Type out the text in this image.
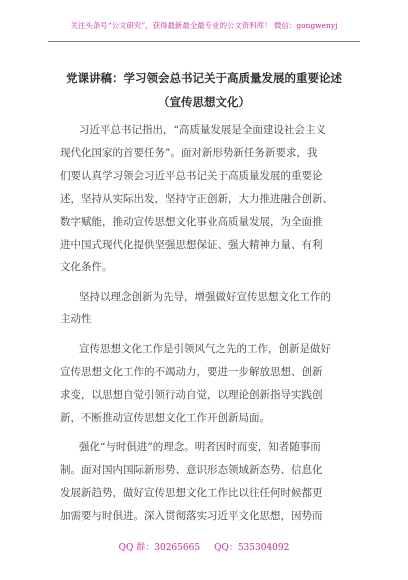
关注头条号“公文研究”，获得最新最全最专业的公文资料库！ 微信：gongwenyj
党课讲稿：学习领会总书记关于高质量发展的重要论述
（宣传思想文化）
习近平总书记指出，“高质量发展是全面建设社会主义
现代化国家的首要任务”。面对新形势新任务新要求，我
们要认真学习领会习近平总书记关于高质量发展的重要论
述，坚持从实际出发，坚持守正创新，大力推进融合创新、
数字赋能，推动宣传思想文化事业高质量发展，为全面推
进中国式现代化提供坚强思想保证、强大精神力量、有利
文化条件。
坚持以理念创新为先导，增强做好宣传思想文化工作的
主动性
宣传思想文化工作是引领风气之先的工作，创新是做好
宣传思想文化工作的不竭动力，要进一步解放思想、创新
求变，以思想自觉引领行动自觉，以理论创新指导实践创
新，不断推动宣传思想文化工作开创新局面。
强化“与时俱进”的理念。明者因时而变，知者随事而
制。面对国内国际新形势、意识形态领域新态势、信息化
发展新趋势，做好宣传思想文化工作比以往任何时候都更
加需要与时俱进。深入贯彻落实习近平文化思想，因势而
QQ 群：30265665 QQ：535304092
